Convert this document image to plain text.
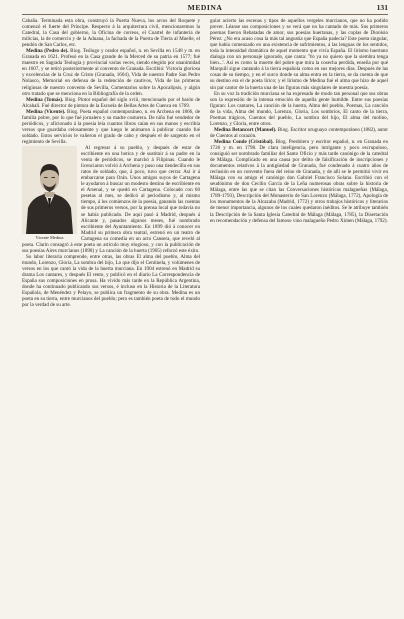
MEDINA	131

Cabaña. Terminada esta obra, construyó la Puerta Nueva, los arcos del Roquete y comenzó el fuerte del Príncipe. Respecto á la arquitectura civil, mencionaremos la Catedral, la Casa del gobierno, la Oficina de correos, el Cuartel de infantería de milicias, la de comercio y de la Aduana, la fachada de la Puerta de Tierra al Muelle, el pendón de San Carlos, etc.

Medina (Pedro de). Biog. Teólogo y orador español, n. en Sevilla en 1548 y m. en Granada en 1621. Profesó en la Casa grande de la Merced de su patria en 1577; fué maestro en Sagrada Teología y provincial varias veces, siendo elegido por unanimidad en 1607, y se retiró posteriormente al convento de Granada. Escribió: Victoria gloriosa y excelencias de la Cruz de Cristo (Granada, 1604), Vida de nuestro Padre San Pedro Nolasco, Memorial en defensa de la redención de cautivos, Vida de las primeras religiosas de nuestro convento de Sevilla, Comentarios sobre la Apocalipsis, y algún otro tratado que se menciona en la Bibliografía de la orden.

Medina (Tomás). Biog. Pintor español del siglo xviii, mencionado por el barón de Alcahalí. Fué director de pintura de la Escuela de Bellas Artes de Cuenca en 1769.

Medina (Vicente). Biog. Poeta español contemporáneo, n. en Archena en 1866, de familia pobre, por lo que fué jornalero y su madre costurera. De niño fué vendedor de periódicos, y aficionado á la poesía leía cuantos libros caían en sus manos y escribía versos que guardaba celosamente y que luego le animaron á publicar cuando fué soldado. Estos servicios le valieron el grado de cabo y después el de sargento en el regimiento de Sevilla.

Vicente Medina

Al regresar á su pueblo, y después de estar de escribiente en una botica y de sustituir á su padre en la venta de periódicos, se marchó á Filipinas. Cuando le licenciaron volvió á Archena y puso una tiendecilla en sus ratos de soldado, que, á poco, tuvo que cerrar. Así ir á embarcarse para Orán. Unos amigos suyos de Cartagena le ayudaron á buscar un modesto destino de escribiente en el Arsenal, y se quedó en Cartagena. Colocado con 60 pesetas al mes, se dedicó al periodismo y, al mismo tiempo, á los comienzos de la poesía, ganando las cuentas de sus primeros versos, por la prensa local que todavía no se había publicado. De aquí pasó á Madrid, después á Alicante y, pasados algunos meses, fué nombrado escribiente del Ayuntamiento. En 1899 dió á conocer en Madrid su primera obra teatral, estrenó en un teatro de Cartagena su comedia en un acto Cansera, que reveló al poeta. Clarín consagró á este poeta un artículo muy elogioso, y con la publicación de sus poesías Aires murcianos (1898) y La canción de la huerta (1905) reforzó este éxito.

Su labor literaria comprende, entre otras, las obras El alma del pueblo, Alma del mundo, Lorenzo, Gloria, La sombra del hijo, Lo que dijo el Centinela, y volúmenes de versos en los que cantó la vida de la huerta murciana. En 1904 estrenó en Madrid su drama Los cantares, y después El rento, y publicó en el diario La Correspondencia de España sus composiciones en prosa. Ha vivido más tarde en la República Argentina, donde ha continuado publicando sus versos, é incluso en la Historia de la Literatura Española, de Menéndez y Pelayo, se publica un fragmento de su obra. Medina es un poeta en su tierra, entre murcianos del pueblo; pero es también poeta de todo el mundo por la verdad de su arte.

guiar acierto las escenas y tipos de aquellos vergeles murcianos, que no ha podido prever. Léanse sus composiciones y se verá que no ha cantado de más. Sus primeros poemas fueron Rebatadas de amor, sus poesías huertanas, y las coplas de Dionisio Pérez: ¿No era acaso cosa la más tal angustia que España padecía? Este poeta singular, que había comenzado en una existencia de sufrimientos, á las lenguas de los sentidos, toda la intensidad dramática de aquel momento que vivía España. El lirismo huertano dialoga con un personaje ignorado, que canta: 'Yo ya no quiero que la siembra tenga bien...'. Así es como la muerte del pobre que mira la cosecha perdida, enseña por qué Marquilí sigue cantando á la tierra española como en sus mejores días. Después de las cosas de su tiempo, y en el surco donde su alma entra en la tierra, se da cuenta de que su destino era el de poeta lírico; y el lirismo de Medina fué el alma que hizo de aquel sin par cantor de la huerta una de las figuras más singulares de nuestra poesía.

En su voz la tradición murciana se ha expresado de modo tan personal que sus obras son la expresión de la intensa emoción de aquella gente humilde. Entre sus poesías figuran: Los cantares, La canción de la huerta, Alma del pueblo, Poemas, La canción de la vida, Alma del mundo, Lorenzo, Gloria, Los sombríos, El canto de la tierra, Poemas trágicos, Cuentos del pueblo, La sombra del hijo, El alma del molino, Lorenzo, y Gloria, entre otros.

Medina Betancort (Manuel). Biog. Escritor uruguayo contemporáneo (1882), autor de Cuentos al corazón.

Medina Conde (Cristóbal). Biog. Presbítero y escritor español, n. en Granada en 1726 y m. en 1798. De clara inteligencia, pero intrigante y poco escrupuloso, consiguió ser nombrado familiar del Santo Oficio y más tarde canónigo de la catedral de Málaga. Complicado en una causa por delito de falsificación de inscripciones y documentos relativos á la antigüedad de Granada, fué condenado á cuatro años de reclusión en un convento fuera del reino de Granada, y de allí se le permitió vivir en Málaga con su amigo el canónigo don Gabriel Francisco Solano. Escribió con el seudónimo de don Cecilio García de la Leña numerosas obras sobre la historia de Málaga, entre las que se citan las Conversaciones históricas malagueñas (Málaga, 1789-1793), Descripción del Monasterio de San Lorenzo (Málaga, 1772), Apología de los monumentos de la Alcazaba (Madrid, 1772) y otros trabajos históricos y literarios de menor importancia, algunos de los cuales quedaron inéditos. Se le atribuye también la Descripción de la Santa Iglesia Catedral de Málaga (Málaga, 1785), la Disertación en recomendación y defensa del famoso vino malagueño Pedro Ximen (Málaga, 1792).
